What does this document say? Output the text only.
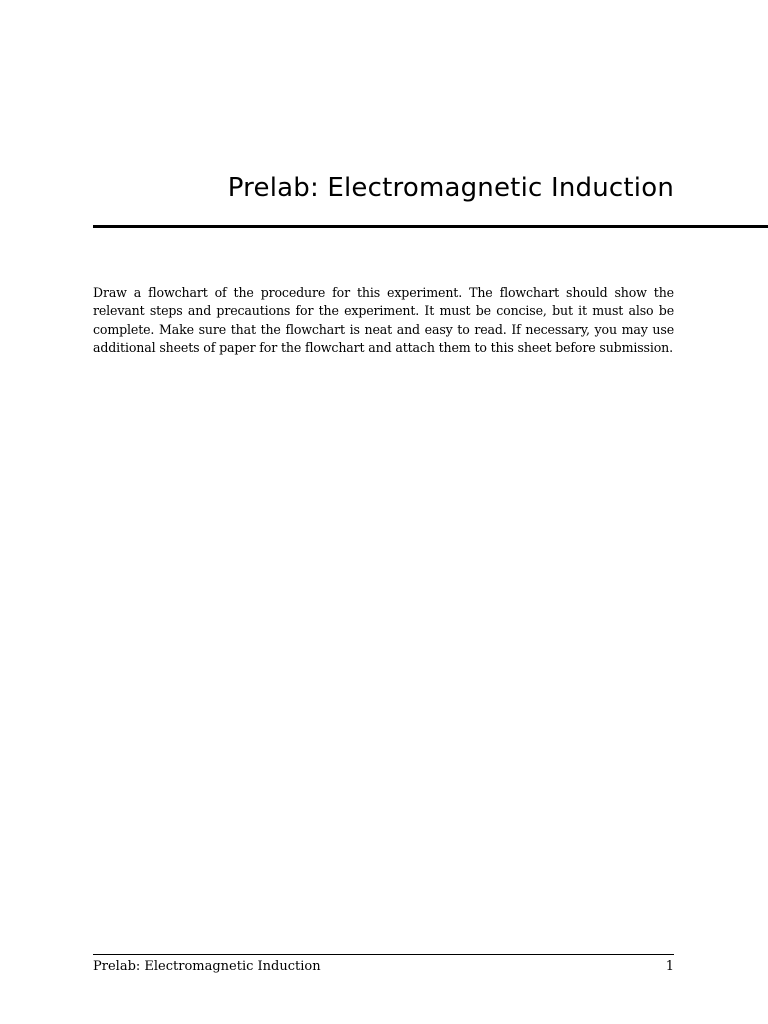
Prelab: Electromagnetic Induction

Draw a flowchart of the procedure for this experiment. The flowchart should show the relevant steps and precautions for the experiment. It must be concise, but it must also be complete. Make sure that the flowchart is neat and easy to read. If necessary, you may use additional sheets of paper for the flowchart and attach them to this sheet before submission.

Prelab: Electromagnetic Induction	1
